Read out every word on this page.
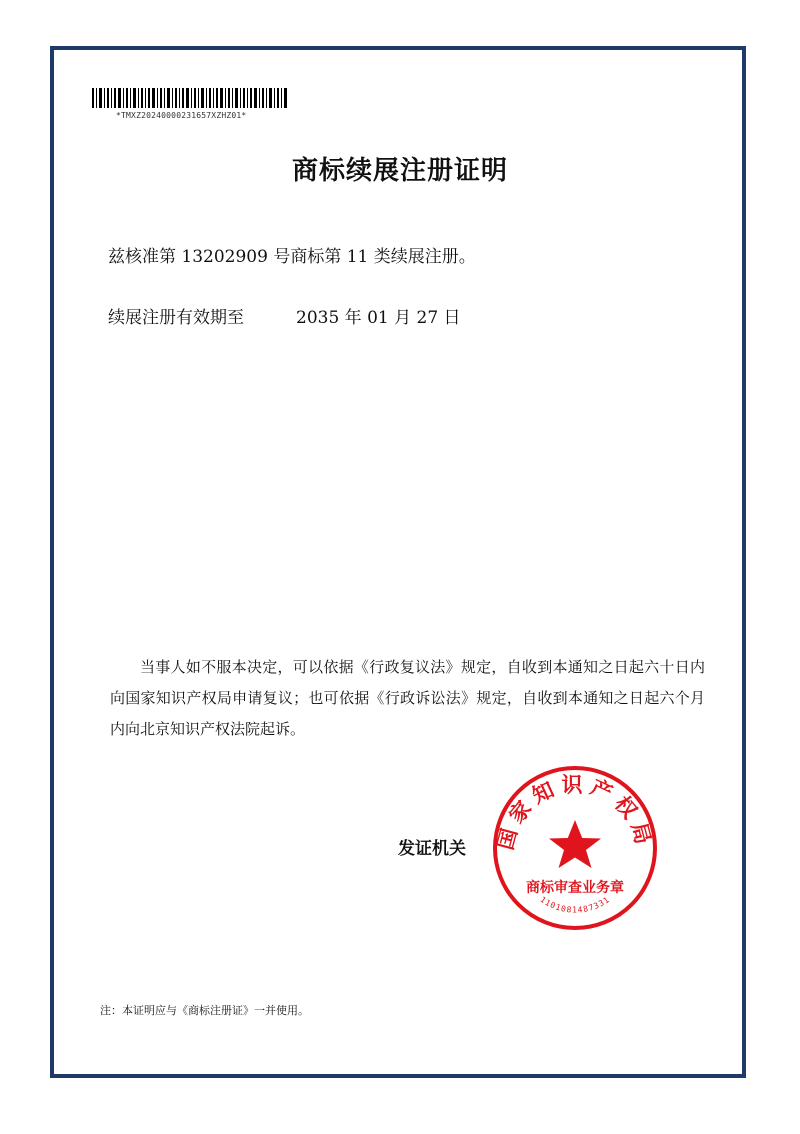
*TMXZ20240000231657XZHZ01*
商标续展注册证明
兹核准第 13202909 号商标第 11 类续展注册。
续展注册有效期至	2035 年 01 月 27 日
当事人如不服本决定，可以依据《行政复议法》规定，自收到本通知之日起六十日内向国家知识产权局申请复议；也可依据《行政诉讼法》规定，自收到本通知之日起六个月内向北京知识产权法院起诉。
发证机关 国家知识产权局
商标审查业务章
1101081487331
注：本证明应与《商标注册证》一并使用。
